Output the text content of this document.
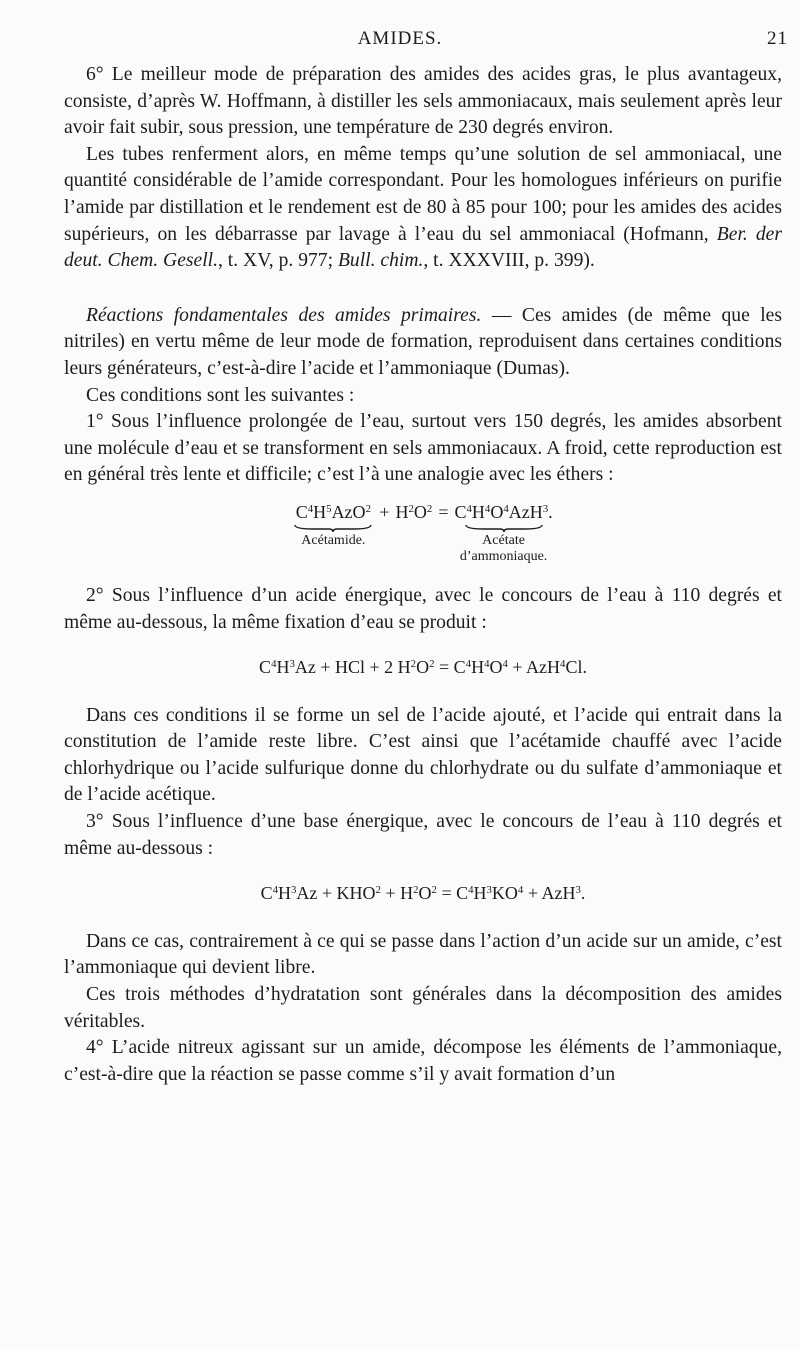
AMIDES.	21

6° Le meilleur mode de préparation des amides des acides gras, le plus avantageux, consiste, d’après W. Hoffmann, à distiller les sels ammoniacaux, mais seulement après leur avoir fait subir, sous pression, une température de 230 degrés environ.

Les tubes renferment alors, en même temps qu’une solution de sel ammoniacal, une quantité considérable de l’amide correspondant. Pour les homologues inférieurs on purifie l’amide par distillation et le rendement est de 80 à 85 pour 100; pour les amides des acides supérieurs, on les débarrasse par lavage à l’eau du sel ammoniacal (Hofmann, Ber. der deut. Chem. Gesell., t. XV, p. 977; Bull. chim., t. XXXVIII, p. 399).

Réactions fondamentales des amides primaires. — Ces amides (de même que les nitriles) en vertu même de leur mode de formation, reproduisent dans certaines conditions leurs générateurs, c’est-à-dire l’acide et l’ammoniaque (Dumas).

Ces conditions sont les suivantes :

1° Sous l’influence prolongée de l’eau, surtout vers 150 degrés, les amides absorbent une molécule d’eau et se transforment en sels ammoniacaux. A froid, cette reproduction est en général très lente et difficile; c’est l’à une analogie avec les éthers :

$C^4H^5AzO^2$
Acétamide.
+ $H^2O^2 = C^4H^4O^4AzH^3$.
Acétate
d’ammoniaque.

2° Sous l’influence d’un acide énergique, avec le concours de l’eau à 110 degrés et même au-dessous, la même fixation d’eau se produit :

$C^4H^3Az$ + HCl + 2 $H^2O^2 = C^4H^4O^4 + AzH^4Cl$.

Dans ces conditions il se forme un sel de l’acide ajouté, et l’acide qui entrait dans la constitution de l’amide reste libre. C’est ainsi que l’acétamide chauffé avec l’acide chlorhydrique ou l’acide sulfurique donne du chlorhydrate ou du sulfate d’ammoniaque et de l’acide acétique.

3° Sous l’influence d’une base énergique, avec le concours de l’eau à 110 degrés et même au-dessous :

$C^4H^3Az + KHO^2 + H^2O^2 = C^4H^3KO^4 + AzH^3$.

Dans ce cas, contrairement à ce qui se passe dans l’action d’un acide sur un amide, c’est l’ammoniaque qui devient libre.

Ces trois méthodes d’hydratation sont générales dans la décomposition des amides véritables.

4° L’acide nitreux agissant sur un amide, décompose les éléments de l’ammoniaque, c’est-à-dire que la réaction se passe comme s’il y avait formation d’un
